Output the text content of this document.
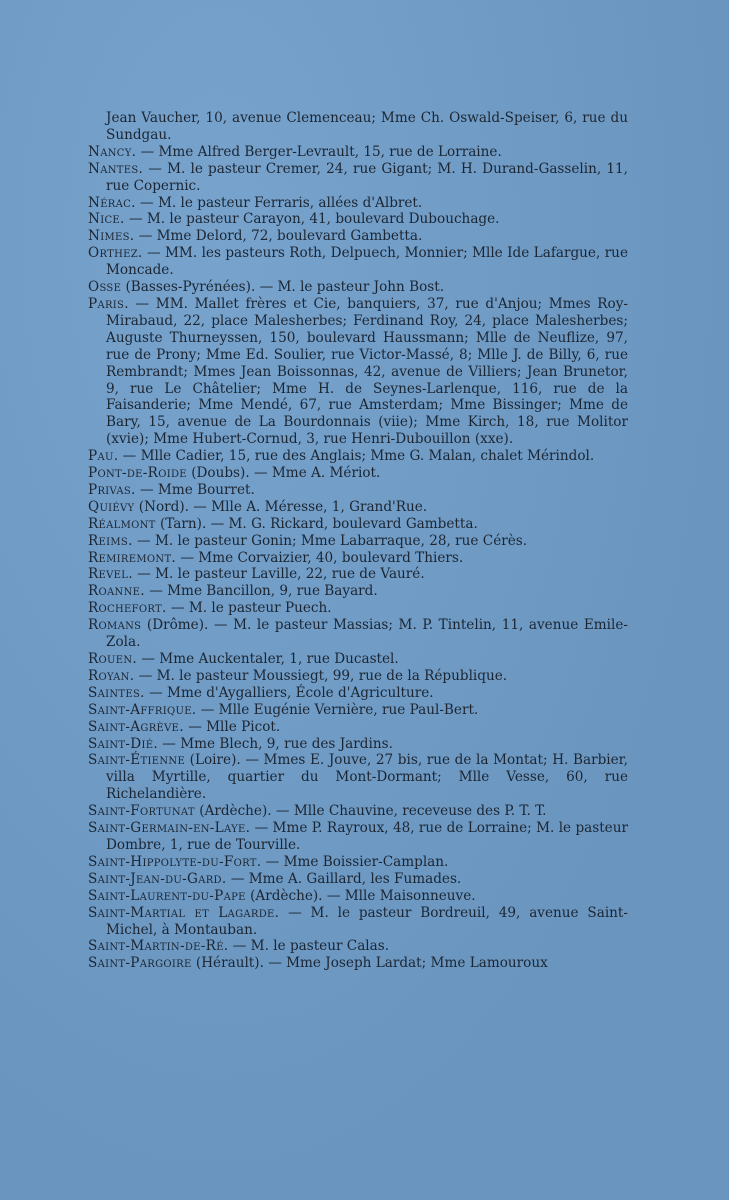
Jean Vaucher, 10, avenue Clemenceau; Mme Ch. Oswald-Speiser, 6, rue du Sundgau.

Nancy. — Mme Alfred Berger-Levrault, 15, rue de Lorraine.

Nantes. — M. le pasteur Cremer, 24, rue Gigant; M. H. Durand-Gasselin, 11, rue Copernic.

Nérac. — M. le pasteur Ferraris, allées d'Albret.

Nice. — M. le pasteur Carayon, 41, boulevard Dubouchage.

Nimes. — Mme Delord, 72, boulevard Gambetta.

Orthez. — MM. les pasteurs Roth, Delpuech, Monnier; Mlle Ide Lafargue, rue Moncade.

Osse (Basses-Pyrénées). — M. le pasteur John Bost.

Paris. — MM. Mallet frères et Cie, banquiers, 37, rue d'Anjou; Mmes Roy-Mirabaud, 22, place Malesherbes; Ferdinand Roy, 24, place Malesherbes; Auguste Thurneyssen, 150, boulevard Haussmann; Mlle de Neuflize, 97, rue de Prony; Mme Ed. Soulier, rue Victor-Massé, 8; Mlle J. de Billy, 6, rue Rembrandt; Mmes Jean Boissonnas, 42, avenue de Villiers; Jean Brunetor, 9, rue Le Châtelier; Mme H. de Seynes-Larlenque, 116, rue de la Faisanderie; Mme Mendé, 67, rue Amsterdam; Mme Bissinger; Mme de Bary, 15, avenue de La Bourdonnais (viie); Mme Kirch, 18, rue Molitor (xvie); Mme Hubert-Cornud, 3, rue Henri-Dubouillon (xxe).

Pau. — Mlle Cadier, 15, rue des Anglais; Mme G. Malan, chalet Mérindol.

Pont-de-Roide (Doubs). — Mme A. Mériot.

Privas. — Mme Bourret.

Quiévy (Nord). — Mlle A. Méresse, 1, Grand'Rue.

Réalmont (Tarn). — M. G. Rickard, boulevard Gambetta.

Reims. — M. le pasteur Gonin; Mme Labarraque, 28, rue Cérès.

Remiremont. — Mme Corvaizier, 40, boulevard Thiers.

Revel. — M. le pasteur Laville, 22, rue de Vauré.

Roanne. — Mme Bancillon, 9, rue Bayard.

Rochefort. — M. le pasteur Puech.

Romans (Drôme). — M. le pasteur Massias; M. P. Tintelin, 11, avenue Emile-Zola.

Rouen. — Mme Auckentaler, 1, rue Ducastel.

Royan. — M. le pasteur Moussiegt, 99, rue de la République.

Saintes. — Mme d'Aygalliers, École d'Agriculture.

Saint-Affrique. — Mlle Eugénie Vernière, rue Paul-Bert.

Saint-Agrève. — Mlle Picot.

Saint-Dié. — Mme Blech, 9, rue des Jardins.

Saint-Étienne (Loire). — Mmes E. Jouve, 27 bis, rue de la Montat; H. Barbier, villa Myrtille, quartier du Mont-Dormant; Mlle Vesse, 60, rue Richelandière.

Saint-Fortunat (Ardèche). — Mlle Chauvine, receveuse des P. T. T.

Saint-Germain-en-Laye. — Mme P. Rayroux, 48, rue de Lorraine; M. le pasteur Dombre, 1, rue de Tourville.

Saint-Hippolyte-du-Fort. — Mme Boissier-Camplan.

Saint-Jean-du-Gard. — Mme A. Gaillard, les Fumades.

Saint-Laurent-du-Pape (Ardèche). — Mlle Maisonneuve.

Saint-Martial et Lagarde. — M. le pasteur Bordreuil, 49, avenue Saint-Michel, à Montauban.

Saint-Martin-de-Ré. — M. le pasteur Calas.

Saint-Pargoire (Hérault). — Mme Joseph Lardat; Mme Lamouroux
